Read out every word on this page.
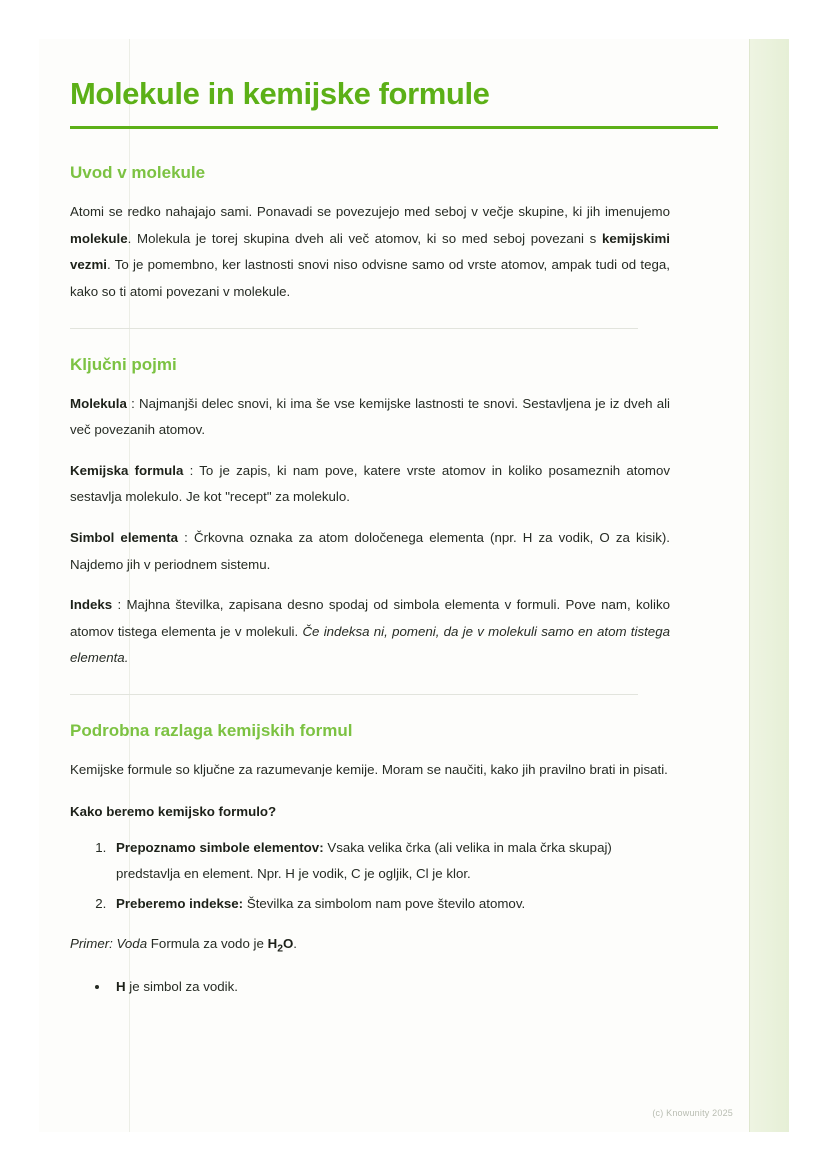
Molekule in kemijske formule
Uvod v molekule

Atomi se redko nahajajo sami. Ponavadi se povezujejo med seboj v večje skupine, ki jih imenujemo molekule. Molekula je torej skupina dveh ali več atomov, ki so med seboj povezani s kemijskimi vezmi. To je pomembno, ker lastnosti snovi niso odvisne samo od vrste atomov, ampak tudi od tega, kako so ti atomi povezani v molekule.

Ključni pojmi

Molekula : Najmanjši delec snovi, ki ima še vse kemijske lastnosti te snovi. Sestavljena je iz dveh ali več povezanih atomov.

Kemijska formula : To je zapis, ki nam pove, katere vrste atomov in koliko posameznih atomov sestavlja molekulo. Je kot "recept" za molekulo.

Simbol elementa : Črkovna oznaka za atom določenega elementa (npr. H za vodik, O za kisik). Najdemo jih v periodnem sistemu.

Indeks : Majhna številka, zapisana desno spodaj od simbola elementa v formuli. Pove nam, koliko atomov tistega elementa je v molekuli. Če indeksa ni, pomeni, da je v molekuli samo en atom tistega elementa.

Podrobna razlaga kemijskih formul

Kemijske formule so ključne za razumevanje kemije. Moram se naučiti, kako jih pravilno brati in pisati.

Kako beremo kemijsko formulo?

1. Prepoznamo simbole elementov: Vsaka velika črka (ali velika in mala črka skupaj) predstavlja en element. Npr. H je vodik, C je ogljik, Cl je klor.
2. Preberemo indekse: Številka za simbolom nam pove število atomov.

Primer: Voda Formula za vodo je $H_2O$.

• H je simbol za vodik.
(c) Knowunity 2025
